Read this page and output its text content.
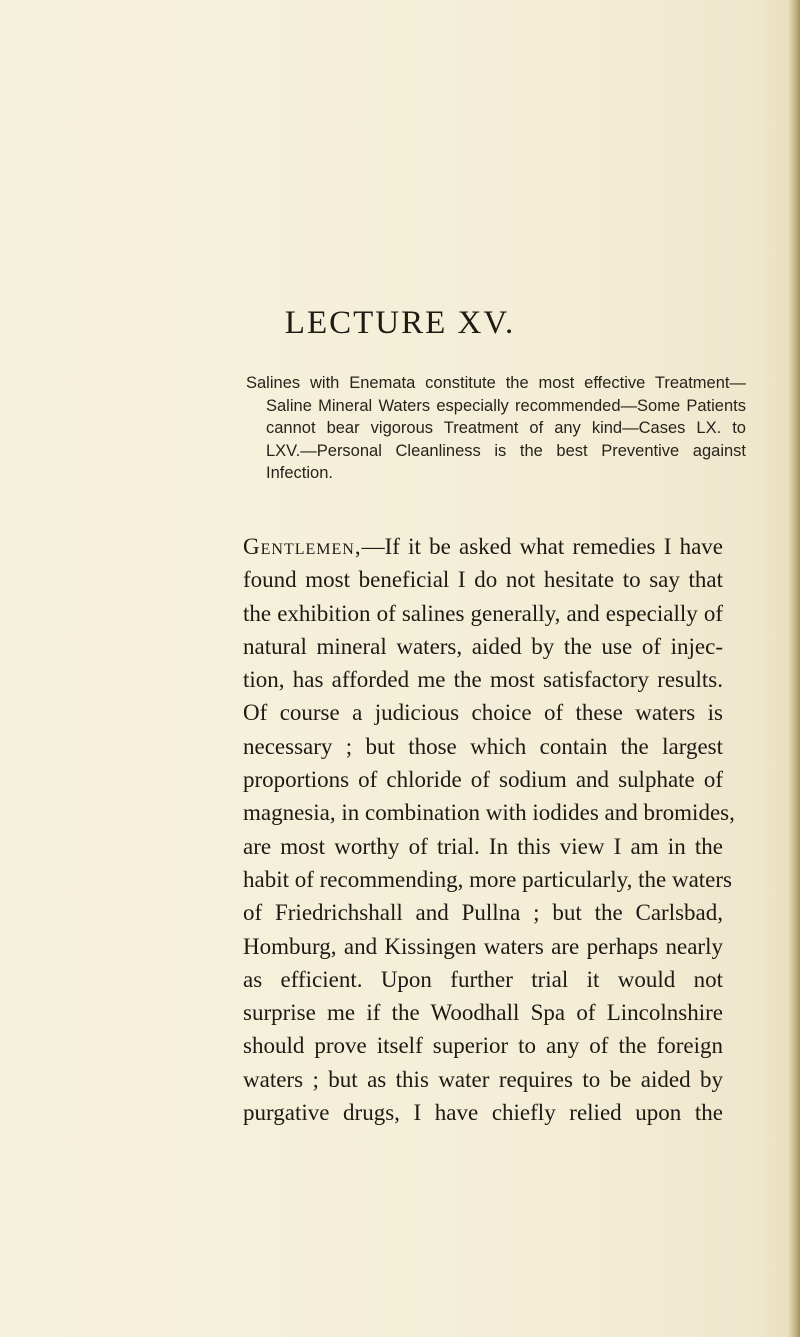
LECTURE XV.
Salines with Enemata constitute the most effective Treatment—
Saline Mineral Waters especially recommended—Some Patients
cannot bear vigorous Treatment of any kind—Cases LX. to
LXV.—Personal Cleanliness is the best Preventive against
Infection.
Gentlemen,—If it be asked what remedies I have
found most beneficial I do not hesitate to say that
the exhibition of salines generally, and especially of
natural mineral waters, aided by the use of injec-
tion, has afforded me the most satisfactory results.
Of course a judicious choice of these waters is
necessary ; but those which contain the largest
proportions of chloride of sodium and sulphate of
magnesia, in combination with iodides and bromides,
are most worthy of trial. In this view I am in the
habit of recommending, more particularly, the waters
of Friedrichshall and Pullna ; but the Carlsbad,
Homburg, and Kissingen waters are perhaps nearly
as efficient. Upon further trial it would not
surprise me if the Woodhall Spa of Lincolnshire
should prove itself superior to any of the foreign
waters ; but as this water requires to be aided by
purgative drugs, I have chiefly relied upon the
